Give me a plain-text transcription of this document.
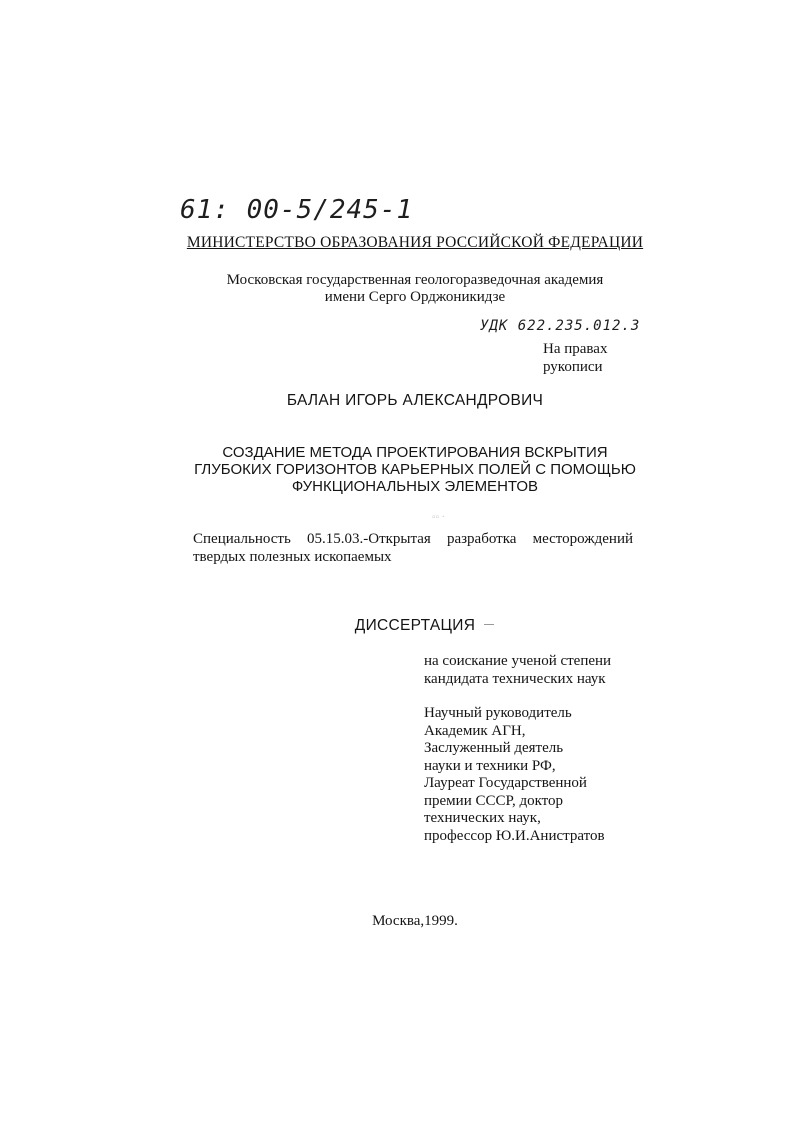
61: 00-5/245-1
МИНИСТЕРСТВО ОБРАЗОВАНИЯ РОССИЙСКОЙ ФЕДЕРАЦИИ
Московская государственная геологоразведочная академия
имени Серго Орджоникидзе
УДК 622.235.012.3
На правах
рукописи
БАЛАН ИГОРЬ АЛЕКСАНДРОВИЧ
СОЗДАНИЕ МЕТОДА ПРОЕКТИРОВАНИЯ ВСКРЫТИЯ
ГЛУБОКИХ ГОРИЗОНТОВ КАРЬЕРНЫХ ПОЛЕЙ С ПОМОЩЬЮ
ФУНКЦИОНАЛЬНЫХ ЭЛЕМЕНТОВ
▫▫ ·
Специальность 05.15.03.-Открытая разработка месторождений
твердых полезных ископаемых
ДИССЕРТАЦИЯ
на соискание ученой степени
кандидата технических наук
Научный руководитель
Академик АГН,
Заслуженный деятель
науки и техники РФ,
Лауреат Государственной
премии СССР, доктор
технических наук,
профессор Ю.И.Анистратов
Москва,1999.
